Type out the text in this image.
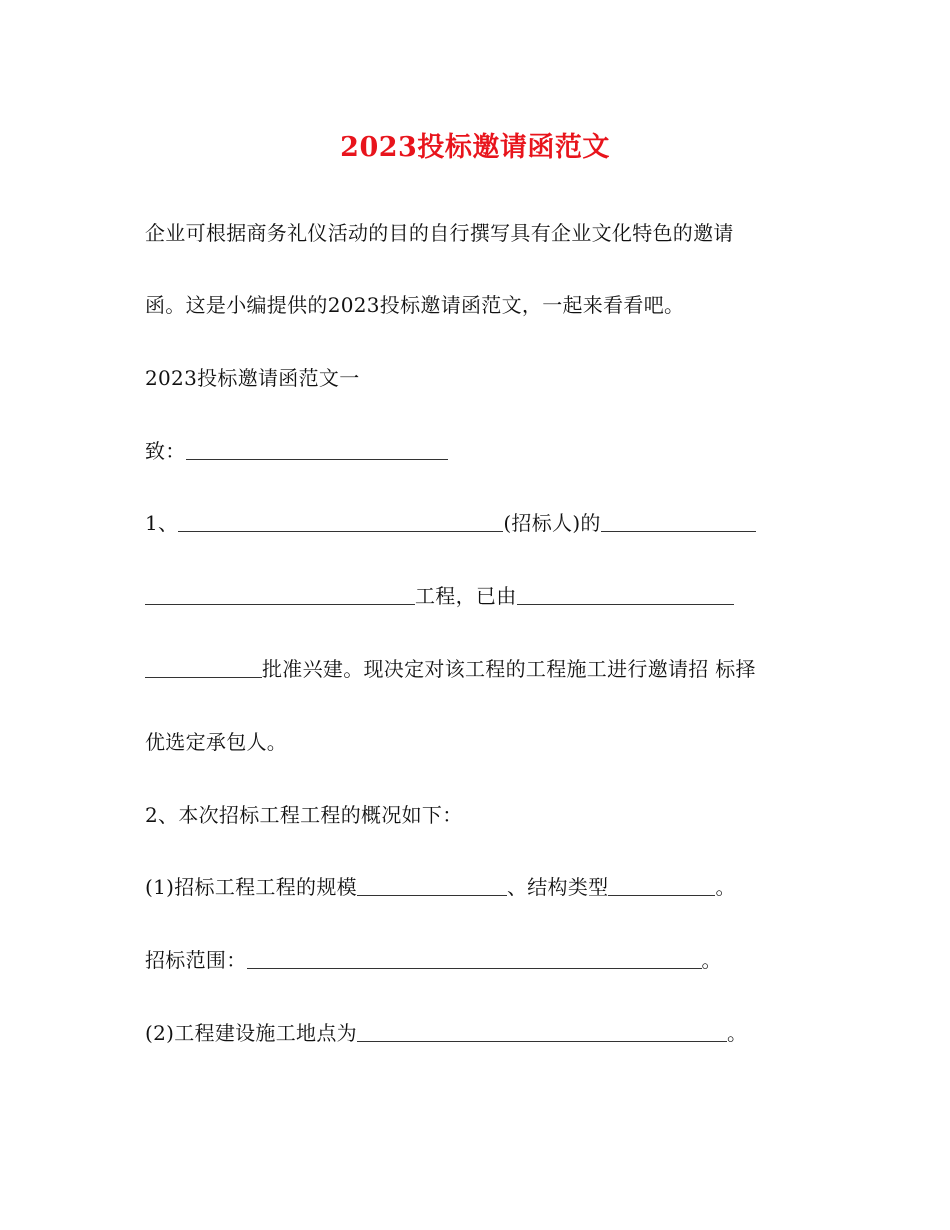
2023投标邀请函范文
企业可根据商务礼仪活动的目的自行撰写具有企业文化特色的邀请
函。这是小编提供的2023投标邀请函范文，一起来看看吧。
2023投标邀请函范文一
致：
1、	(招标人)的
工程，已由
批准兴建。现决定对该工程的工程施工进行邀请招 标择
优选定承包人。
2、本次招标工程工程的概况如下：
(1)招标工程工程的规模	、结构类型	。
招标范围：	。
(2)工程建设施工地点为	。
